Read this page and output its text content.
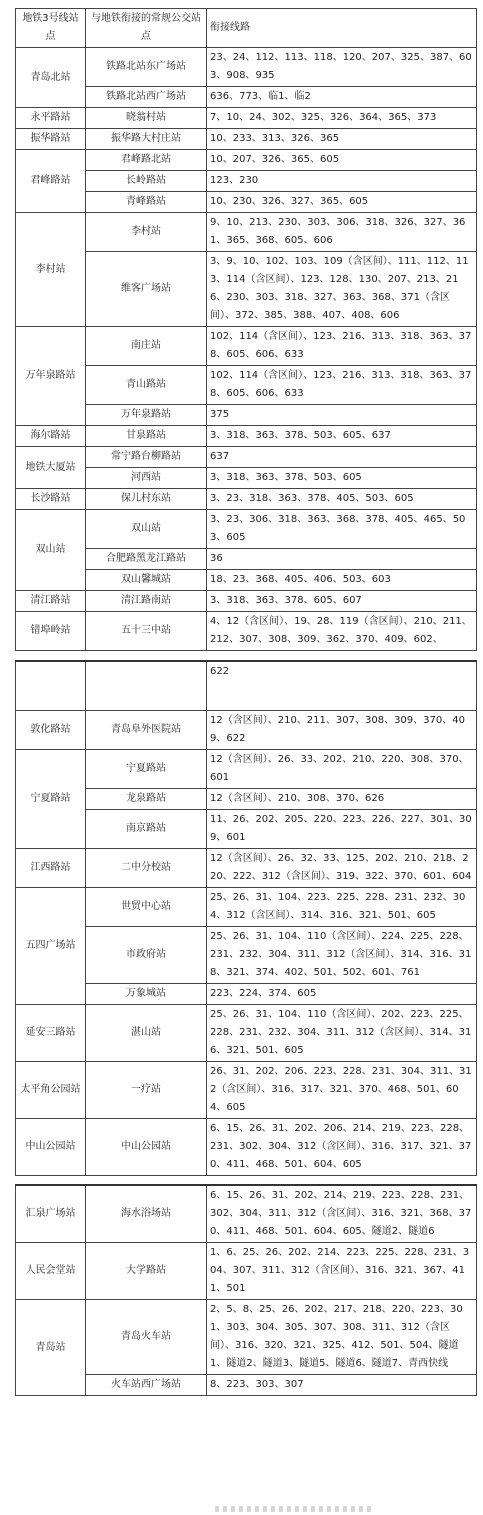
地铁3号线站点	与地铁衔接的常规公交站点	衔接线路
青岛北站	铁路北站东广场站	23、24、112、113、118、120、207、325、387、603、908、935
	铁路北站西广场站	636、773、临1、临2
永平路站	晓翁村站	7、10、24、302、325、326、364、365、373
振华路站	振华路大村庄站	10、233、313、326、365
君峰路站	君峰路北站	10、207、326、365、605
	长岭路站	123、230
	青峰路站	10、230、326、327、365、605
李村站	李村站	9、10、213、230、303、306、318、326、327、361、365、368、605、606
	维客广场站	3、9、10、102、103、109（含区间）、111、112、113、114（含区间）、123、128、130、207、213、216、230、303、318、327、363、368、371（含区间）、372、385、388、407、408、606
万年泉路站	南庄站	102、114（含区间）、123、216、313、318、363、378、605、606、633
	青山路站	102、114（含区间）、123、216、313、318、363、378、605、606、633
	万年泉路站	375
海尔路站	甘泉路站	3、318、363、378、503、605、637
地铁大厦站	常宁路台柳路站	637
	河西站	3、318、363、378、503、605
长沙路站	保儿村东站	3、23、318、363、378、405、503、605
双山站	双山站	3、23、306、318、363、368、378、405、465、503、605
	合肥路黑龙江路站	36
	双山馨城站	18、23、368、405、406、503、603
清江路站	清江路南站	3、318、363、378、605、607
错埠岭站	五十三中站	4、12（含区间）、19、28、119（含区间）、210、211、212、307、308、309、362、370、409、602、

		622
敦化路站	青岛阜外医院站	12（含区间）、210、211、307、308、309、370、409、622
宁夏路站	宁夏路站	12（含区间）、26、33、202、210、220、308、370、601
	龙泉路站	12（含区间）、210、308、370、626
	南京路站	11、26、202、205、220、223、226、227、301、309、601
江西路站	二中分校站	12（含区间）、26、32、33、125、202、210、218、220、222、312（含区间）、319、322、370、601、604
五四广场站	世贸中心站	25、26、31、104、223、225、228、231、232、304、312（含区间）、314、316、321、501、605
	市政府站	25、26、31、104、110（含区间）、224、225、228、231、232、304、311、312（含区间）、314、316、318、321、374、402、501、502、601、761
	万象城站	223、224、374、605
延安三路站	湛山站	25、26、31、104、110（含区间）、202、223、225、228、231、232、304、311、312（含区间）、314、316、321、501、605
太平角公园站	一疗站	26、31、202、206、223、228、231、304、311、312（含区间）、316、317、321、370、468、501、604、605
中山公园站	中山公园站	6、15、26、31、202、206、214、219、223、228、231、302、304、312（含区间）、316、317、321、370、411、468、501、604、605

汇泉广场站	海水浴场站	6、15、26、31、202、214、219、223、228、231、302、304、311、312（含区间）、316、321、368、370、411、468、501、604、605、隧道2、隧道6
人民会堂站	大学路站	1、6、25、26、202、214、223、225、228、231、304、307、311、312（含区间）、316、321、367、411、501
青岛站	青岛火车站	2、5、8、25、26、202、217、218、220、223、301、303、304、305、307、308、311、312（含区间）、316、320、321、325、412、501、504、隧道1、隧道2、隧道3、隧道5、隧道6、隧道7、青西快线
	火车站西广场站	8、223、303、307
